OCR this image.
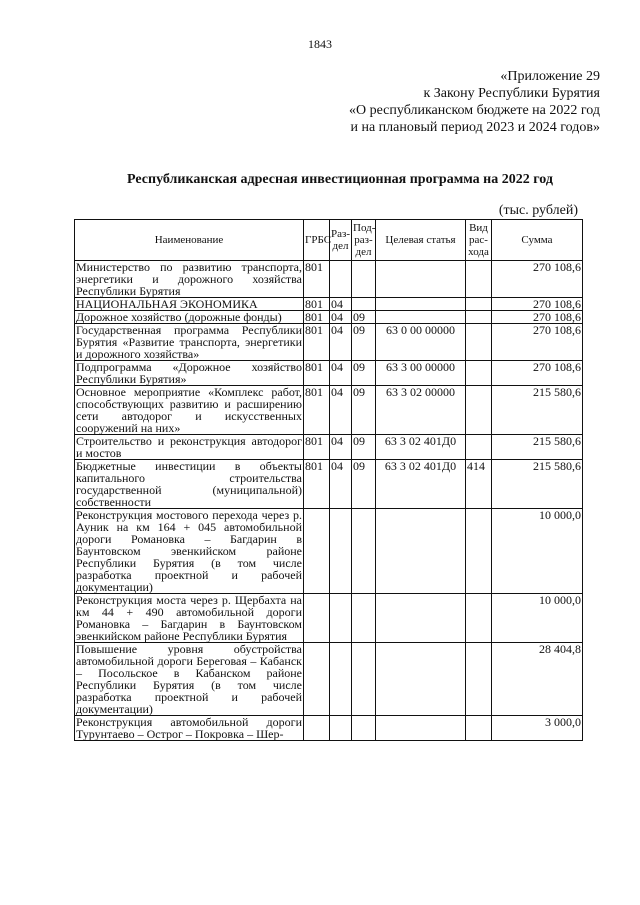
1843
«Приложение 29
к Закону Республики Бурятия
«О республиканском бюджете на 2022 год
и на плановый период 2023 и 2024 годов»
Республиканская адресная инвестиционная программа на 2022 год
(тыс. рублей)
Наименование	ГРБС	Раз-дел	Под-раз-дел	Целевая статья	Вид рас-хода	Сумма
Министерство по развитию транспорта, энергетики и дорожного хозяйства Республики Бурятия	801					270 108,6
НАЦИОНАЛЬНАЯ ЭКОНОМИКА	801	04				270 108,6
Дорожное хозяйство (дорожные фонды)	801	04	09			270 108,6
Государственная программа Республики Бурятия «Развитие транспорта, энергетики и дорожного хозяйства»	801	04	09	63 0 00 00000		270 108,6
Подпрограмма «Дорожное хозяйство Республики Бурятия»	801	04	09	63 3 00 00000		270 108,6
Основное мероприятие «Комплекс работ, способствующих развитию и расширению сети автодорог и искусственных сооружений на них»	801	04	09	63 3 02 00000		215 580,6
Строительство и реконструкция автодорог и мостов	801	04	09	63 3 02 401Д0		215 580,6
Бюджетные инвестиции в объекты капитального строительства государственной (муниципальной) собственности	801	04	09	63 3 02 401Д0	414	215 580,6
Реконструкция мостового перехода через р. Ауник на км 164 + 045 автомобильной дороги Романовка – Багдарин в Баунтовском эвенкийском районе Республики Бурятия (в том числе разработка проектной и рабочей документации)						10 000,0
Реконструкция моста через р. Щербахта на км 44 + 490 автомобильной дороги Романовка – Багдарин в Баунтовском эвенкийском районе Республики Бурятия						10 000,0
Повышение уровня обустройства автомобильной дороги Береговая – Кабанск – Посольское в Кабанском районе Республики Бурятия (в том числе разработка проектной и рабочей документации)						28 404,8
Реконструкция автомобильной дороги Турунтаево – Острог – Покровка – Шер-						3 000,0
